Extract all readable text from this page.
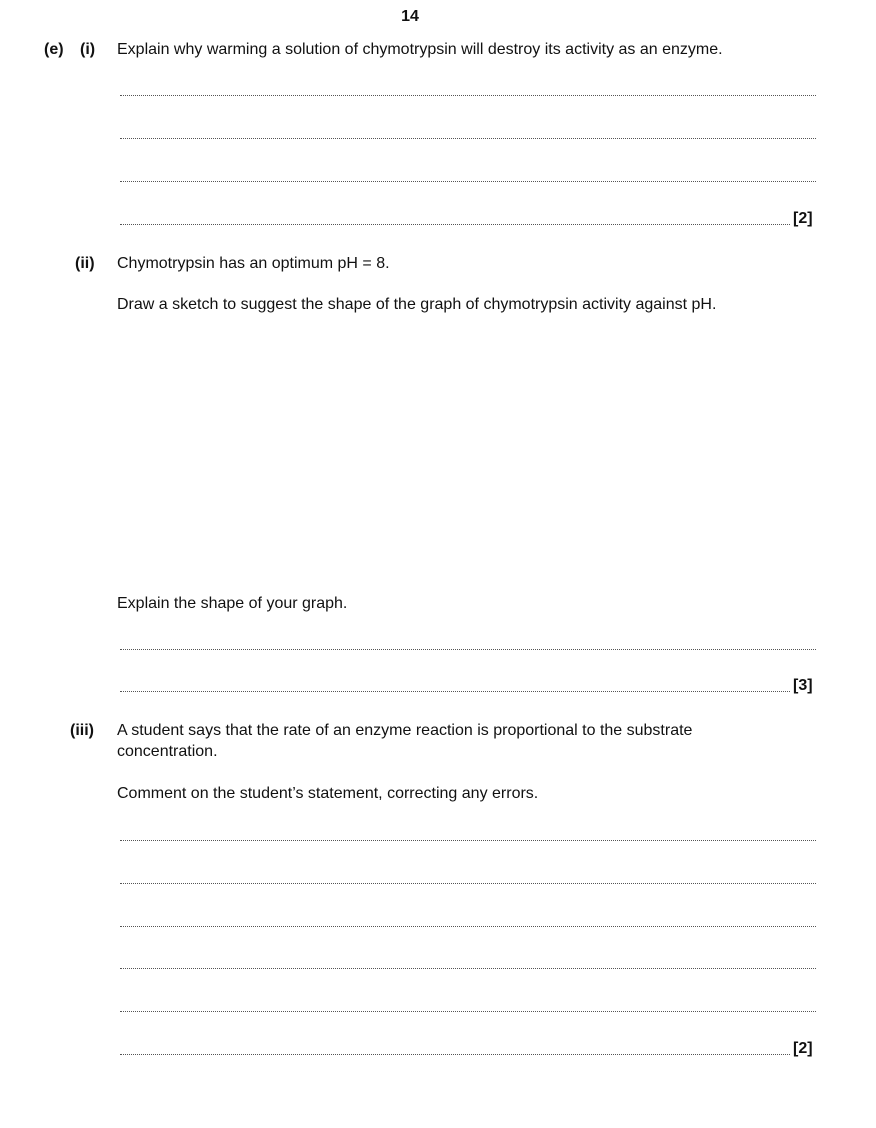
14
(e) (i) Explain why warming a solution of chymotrypsin will destroy its activity as an enzyme.
[2]
(ii) Chymotrypsin has an optimum pH = 8.
Draw a sketch to suggest the shape of the graph of chymotrypsin activity against pH.
Explain the shape of your graph.
[3]
(iii) A student says that the rate of an enzyme reaction is proportional to the substrate
concentration.
Comment on the student’s statement, correcting any errors.
[2]
